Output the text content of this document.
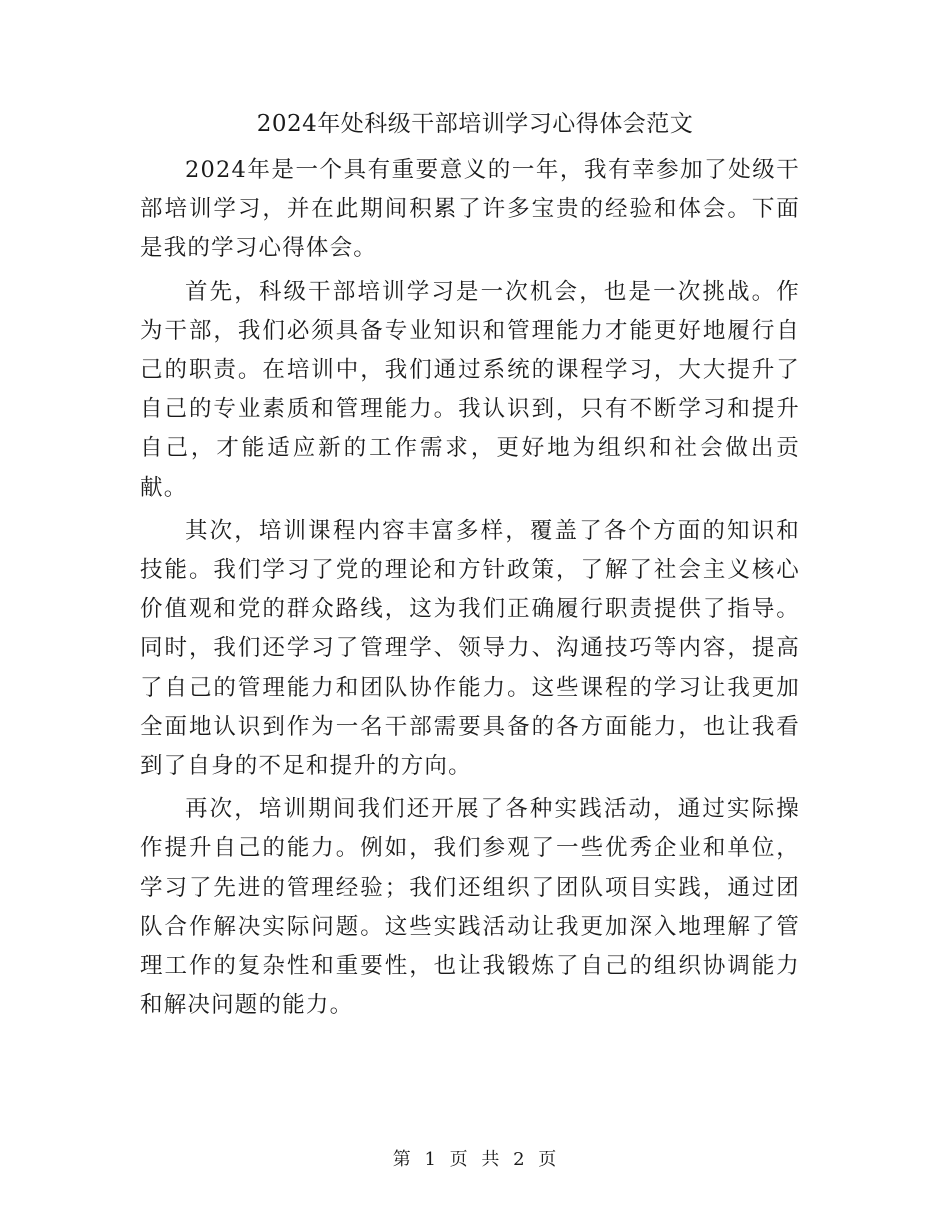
2024年处科级干部培训学习心得体会范文

2024年是一个具有重要意义的一年，我有幸参加了处级干部培训学习，并在此期间积累了许多宝贵的经验和体会。下面是我的学习心得体会。

首先，科级干部培训学习是一次机会，也是一次挑战。作为干部，我们必须具备专业知识和管理能力才能更好地履行自己的职责。在培训中，我们通过系统的课程学习，大大提升了自己的专业素质和管理能力。我认识到，只有不断学习和提升自己，才能适应新的工作需求，更好地为组织和社会做出贡献。

其次，培训课程内容丰富多样，覆盖了各个方面的知识和技能。我们学习了党的理论和方针政策，了解了社会主义核心价值观和党的群众路线，这为我们正确履行职责提供了指导。同时，我们还学习了管理学、领导力、沟通技巧等内容，提高了自己的管理能力和团队协作能力。这些课程的学习让我更加全面地认识到作为一名干部需要具备的各方面能力，也让我看到了自身的不足和提升的方向。

再次，培训期间我们还开展了各种实践活动，通过实际操作提升自己的能力。例如，我们参观了一些优秀企业和单位，学习了先进的管理经验；我们还组织了团队项目实践，通过团队合作解决实际问题。这些实践活动让我更加深入地理解了管理工作的复杂性和重要性，也让我锻炼了自己的组织协调能力和解决问题的能力。

第 1 页 共 2 页
